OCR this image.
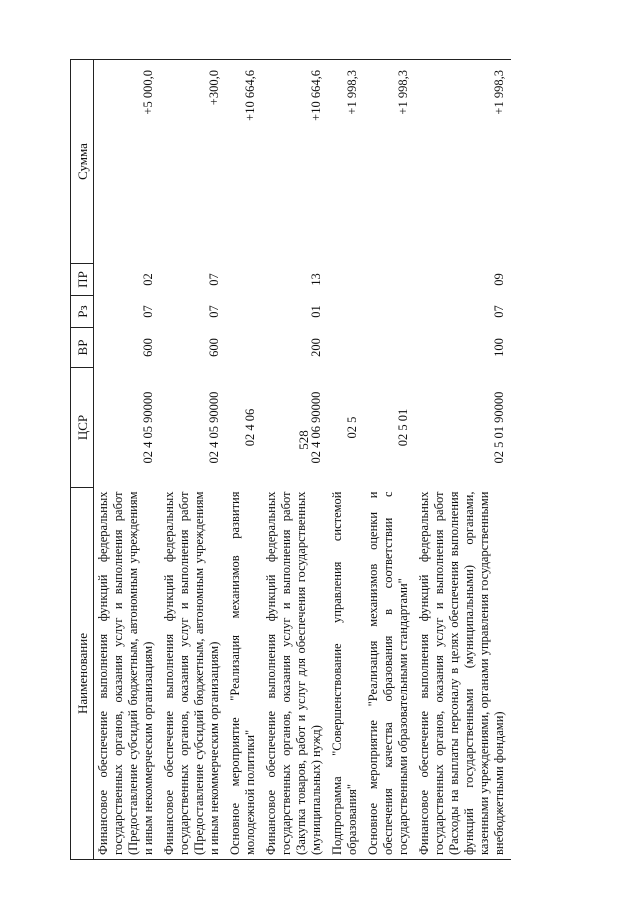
528
Наименование	ЦСР	ВР	Рз	ПР	Сумма
Финансовое обеспечение выполнения функций федеральных государственных органов, оказания услуг и выполнения работ (Предоставление субсидий бюджетным, автономным учреждениям и иным некоммерческим организациям)	02 4 05 90000	600	07	02	+5 000,0
Финансовое обеспечение выполнения функций федеральных государственных органов, оказания услуг и выполнения работ (Предоставление субсидий бюджетным, автономным учреждениям и иным некоммерческим организациям)	02 4 05 90000	600	07	07	+300,0
Основное мероприятие "Реализация механизмов развития молодежной политики"	02 4 06				+10 664,6
Финансовое обеспечение выполнения функций федеральных государственных органов, оказания услуг и выполнения работ (Закупка товаров, работ и услуг для обеспечения государственных (муниципальных) нужд)	02 4 06 90000	200	01	13	+10 664,6
Подпрограмма "Совершенствование управления системой образования"	02 5				+1 998,3
Основное мероприятие "Реализация механизмов оценки и обеспечения качества образования в соответствии с государственными образовательными стандартами"	02 5 01				+1 998,3
Финансовое обеспечение выполнения функций федеральных государственных органов, оказания услуг и выполнения работ (Расходы на выплаты персоналу в целях обеспечения выполнения функций государственными (муниципальными) органами, казенными учреждениями, органами управления государственными внебюджетными фондами)	02 5 01 90000	100	07	09	+1 998,3
